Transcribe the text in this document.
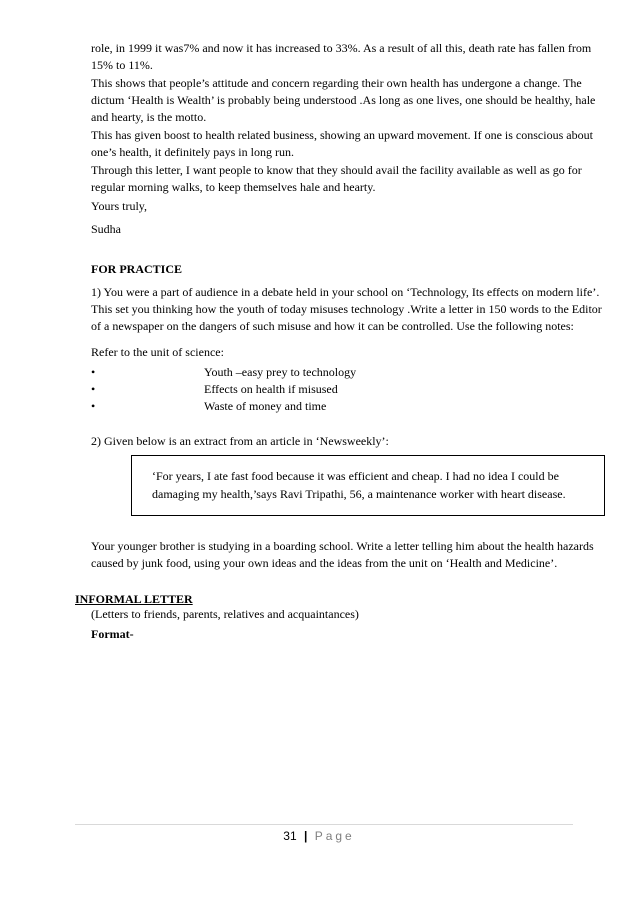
role, in 1999 it was7% and now it has increased to 33%. As a result of all this, death rate has fallen from 15% to 11%.

This shows that people’s attitude and concern regarding their own health has undergone a change. The dictum ‘Health is Wealth’ is probably being understood .As long as one lives, one should be healthy, hale and hearty, is the motto.

This has given boost to health related business, showing an upward movement. If one is conscious about one’s health, it definitely pays in long run.

Through this letter, I want people to know that they should avail the facility available as well as go for regular morning walks, to keep themselves hale and hearty.

Yours truly,

Sudha

FOR PRACTICE

1) You were a part of audience in a debate held in your school on ‘Technology, Its effects on modern life’. This set you thinking how the youth of today misuses technology .Write a letter in 150 words to the Editor of a newspaper on the dangers of such misuse and how it can be controlled. Use the following notes:

Refer to the unit of science:

•	Youth –easy prey to technology
•	Effects on health if misused
•	Waste of money and time

2) Given below is an extract from an article in ‘Newsweekly’:

‘For years, I ate fast food because it was efficient and cheap. I had no idea I could be damaging my health,’says Ravi Tripathi, 56, a maintenance worker with heart disease.

Your younger brother is studying in a boarding school. Write a letter telling him about the health hazards caused by junk food, using your own ideas and the ideas from the unit on ‘Health and Medicine’.

INFORMAL LETTER

(Letters to friends, parents, relatives and acquaintances)

Format-

31 | Page
